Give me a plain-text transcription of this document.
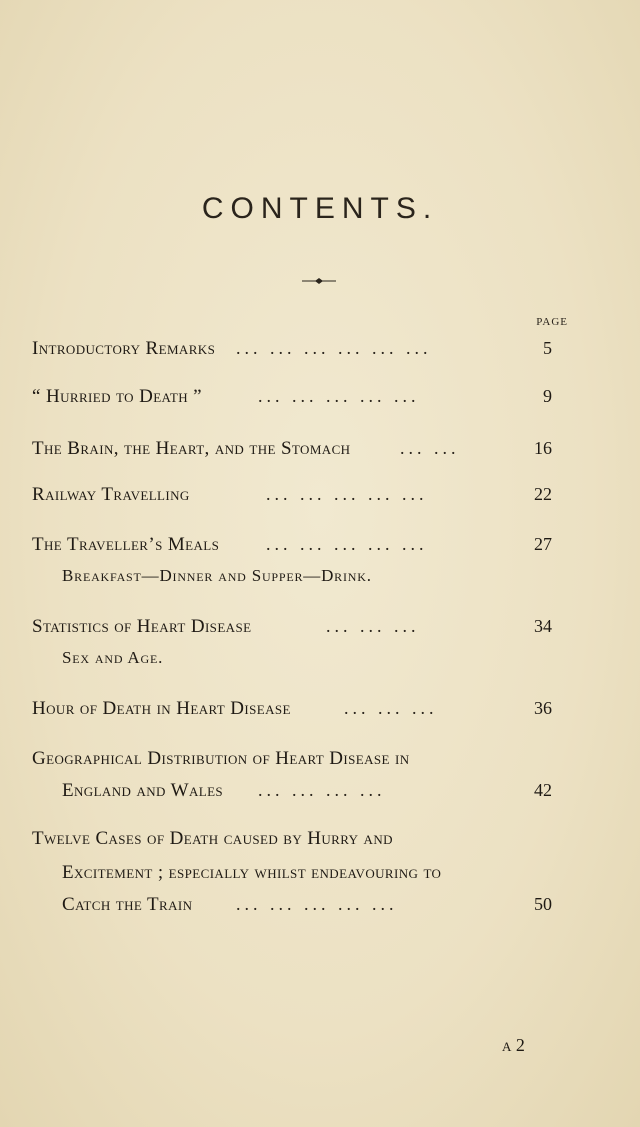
CONTENTS.
PAGE
Introductory Remarks	... ... ... ... ... ...	5
“ Hurried to Death ”	... ... ... ... ...	9
The Brain, the Heart, and the Stomach	... ...	16
Railway Travelling	... ... ... ... ...	22
The Traveller’s Meals	... ... ... ... ...	27
Breakfast—Dinner and Supper—Drink.
Statistics of Heart Disease	... ... ...	34
Sex and Age.
Hour of Death in Heart Disease	... ... ...	36
Geographical Distribution of Heart Disease in
England and Wales	... ... ... ...	42
Twelve Cases of Death caused by Hurry and
Excitement ; especially whilst endeavouring to
Catch the Train	... ... ... ... ...	50
a 2
